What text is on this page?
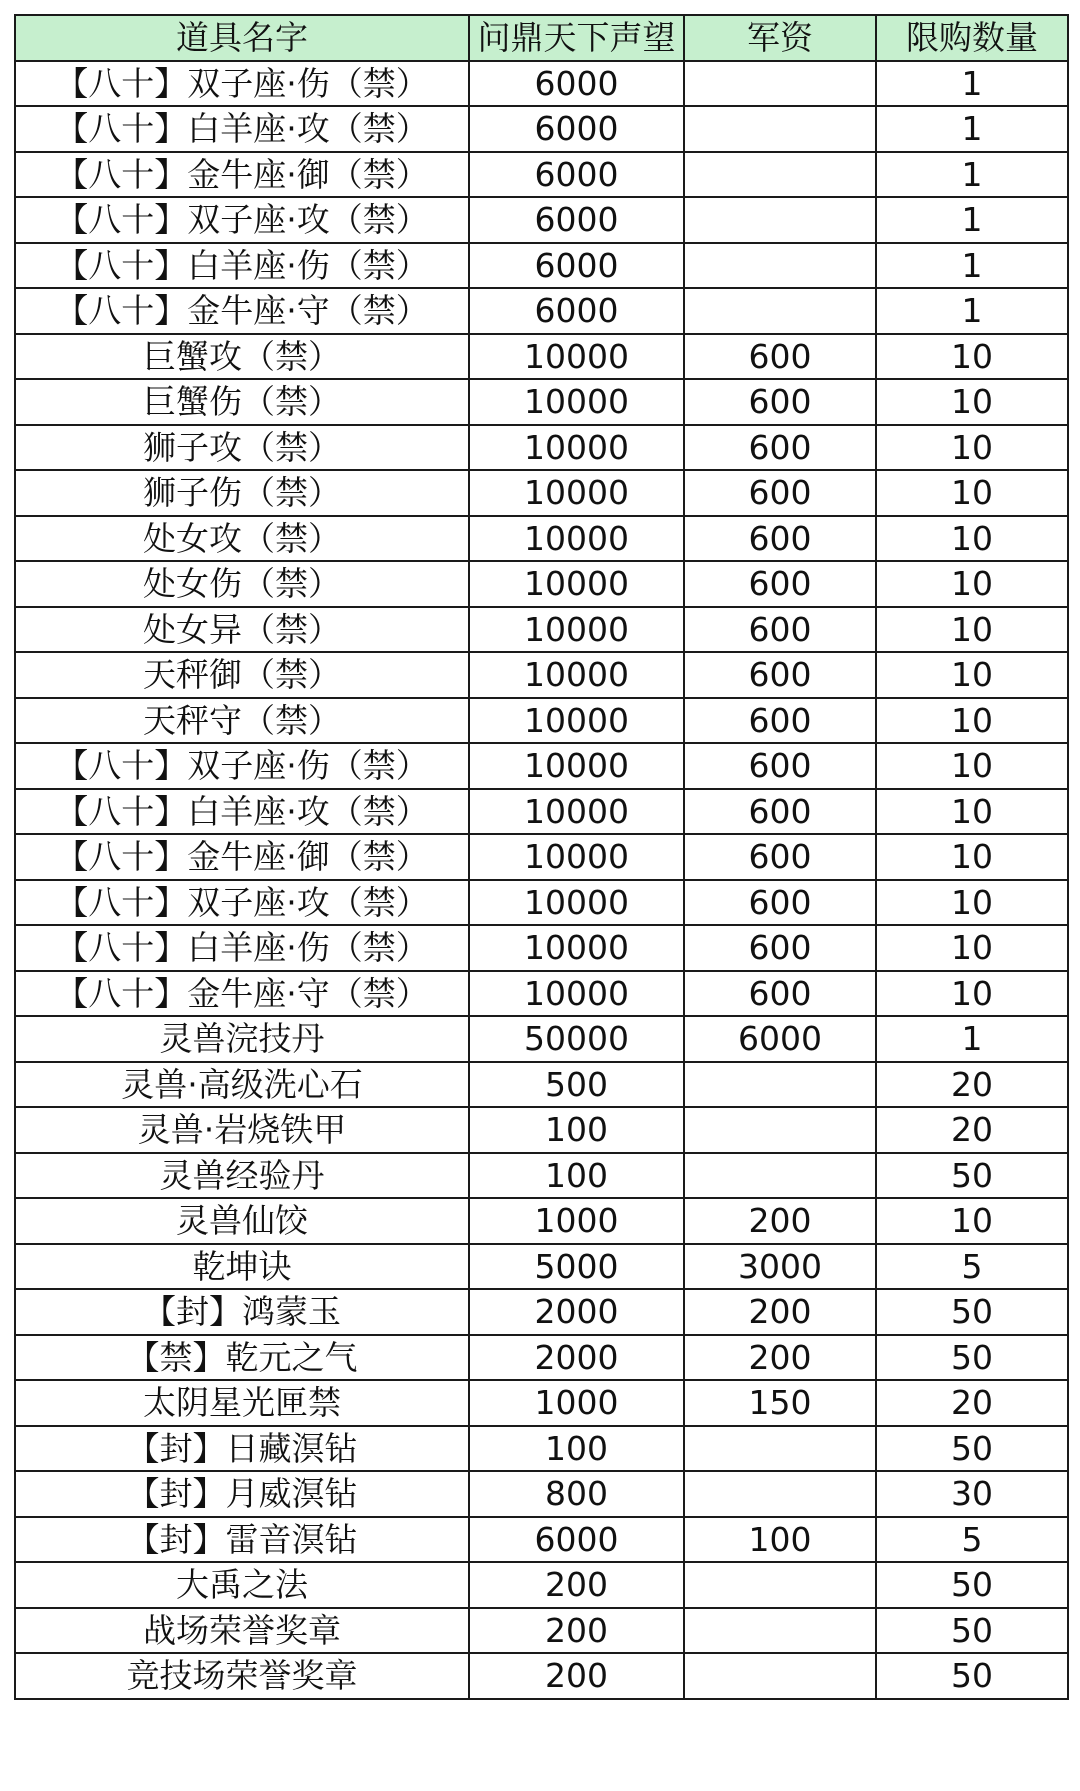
道具名字	问鼎天下声望	军资	限购数量
【八十】双子座·伤（禁）	6000		1
【八十】白羊座·攻（禁）	6000		1
【八十】金牛座·御（禁）	6000		1
【八十】双子座·攻（禁）	6000		1
【八十】白羊座·伤（禁）	6000		1
【八十】金牛座·守（禁）	6000		1
巨蟹攻（禁）	10000	600	10
巨蟹伤（禁）	10000	600	10
狮子攻（禁）	10000	600	10
狮子伤（禁）	10000	600	10
处女攻（禁）	10000	600	10
处女伤（禁）	10000	600	10
处女异（禁）	10000	600	10
天秤御（禁）	10000	600	10
天秤守（禁）	10000	600	10
【八十】双子座·伤（禁）	10000	600	10
【八十】白羊座·攻（禁）	10000	600	10
【八十】金牛座·御（禁）	10000	600	10
【八十】双子座·攻（禁）	10000	600	10
【八十】白羊座·伤（禁）	10000	600	10
【八十】金牛座·守（禁）	10000	600	10
灵兽浣技丹	50000	6000	1
灵兽·高级洗心石	500		20
灵兽·岩烧铁甲	100		20
灵兽经验丹	100		50
灵兽仙饺	1000	200	10
乾坤诀	5000	3000	5
【封】鸿蒙玉	2000	200	50
【禁】乾元之气	2000	200	50
太阴星光匣禁	1000	150	20
【封】日藏溟钻	100		50
【封】月威溟钻	800		30
【封】雷音溟钻	6000	100	5
大禹之法	200		50
战场荣誉奖章	200		50
竞技场荣誉奖章	200		50
